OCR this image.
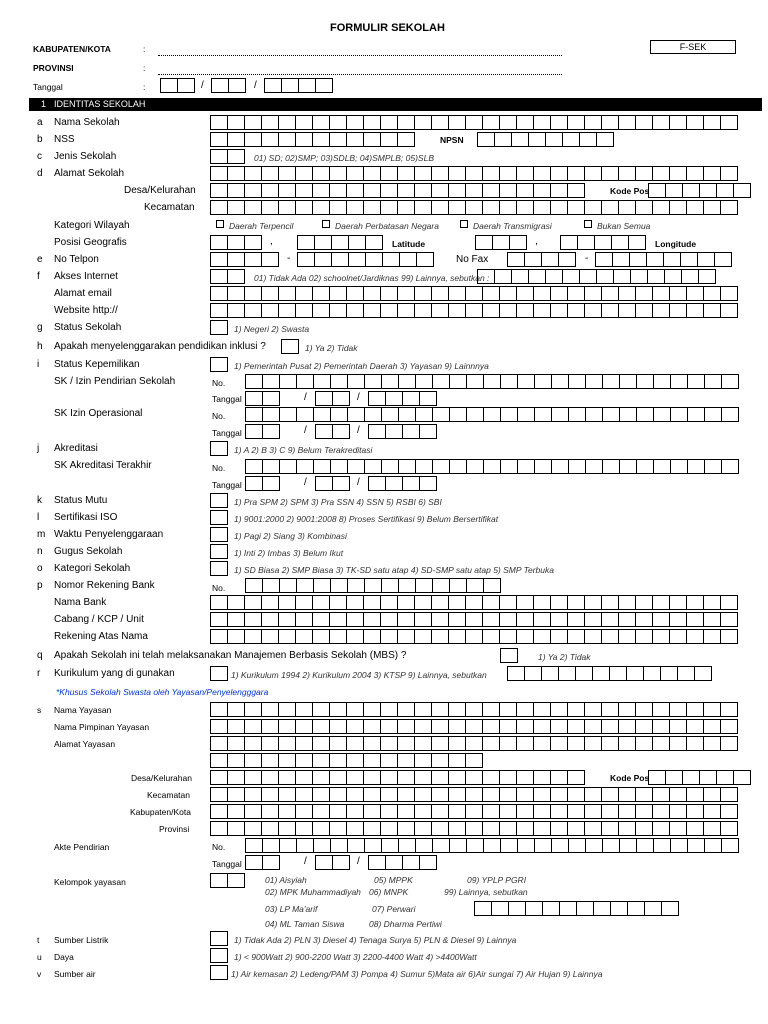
FORMULIR SEKOLAH
F-SEK
KABUPATEN/KOTA	:
PROVINSI	:
Tanggal	:	/	/
1 IDENTITAS SEKOLAH
a Nama Sekolah
b NSS	NPSN
c Jenis Sekolah	01) SD; 02)SMP; 03)SDLB; 04)SMPLB; 05)SLB
d Alamat Sekolah
Desa/Kelurahan	Kode Pos
Kecamatan
Kategori Wilayah	Daerah Terpencil	Daerah Perbatasan Negara	Daerah Transmigrasi	Bukan Semua
Posisi Geografis	,	Latitude	,	Longitude
e No Telpon	-	No Fax	-
f Akses Internet	01) Tidak Ada 02) schoolnet/Jardiknas 99) Lainnya, sebutkan :
Alamat email
Website http://
g Status Sekolah	1) Negeri 2) Swasta
h Apakah menyelenggarakan pendidikan inklusi ?	1) Ya 2) Tidak
i Status Kepemilikan	1) Pemerintah Pusat 2) Pemerintah Daerah 3) Yayasan 9) Lainnnya
SK / Izin Pendirian Sekolah	No.
Tanggal	/	/
SK Izin Operasional	No.
Tanggal	/	/
j Akreditasi	1) A 2) B 3) C 9) Belum Terakreditasi
SK Akreditasi Terakhir	No.
Tanggal	/	/
k Status Mutu	1) Pra SPM 2) SPM 3) Pra SSN 4) SSN 5) RSBI 6) SBI
l Sertifikasi ISO	1) 9001:2000 2) 9001:2008 8) Proses Sertifikasi 9) Belum Bersertifikat
m Waktu Penyelenggaraan	1) Pagi 2) Siang 3) Kombinasi
n Gugus Sekolah	1) Inti 2) Imbas 3) Belum Ikut
o Kategori Sekolah	1) SD Biasa 2) SMP Biasa 3) TK-SD satu atap 4) SD-SMP satu atap 5) SMP Terbuka
p Nomor Rekening Bank	No.
Nama Bank
Cabang / KCP / Unit
Rekening Atas Nama
q Apakah Sekolah ini telah melaksanakan Manajemen Berbasis Sekolah (MBS) ?	1) Ya 2) Tidak
r Kurikulum yang di gunakan	1) Kurikulum 1994 2) Kurikulum 2004 3) KTSP 9) Lainnya, sebutkan
*Khusus Sekolah Swasta oleh Yayasan/Penyelengggara
s Nama Yayasan
Nama Pimpinan Yayasan
Alamat Yayasan
Desa/Kelurahan	Kode Pos
Kecamatan
Kabupaten/Kota
Provinsi
Akte Pendirian	No.
Tanggal	/	/
Kelompok yayasan	01) Aisyiah	05) MPPK	09) YPLP PGRI
02) MPK Muhammadiyah 06) MNPK	99) Lainnya, sebutkan
03) LP Ma'arif	07) Perwari
04) ML Taman Siswa	08) Dharma Pertiwi
t Sumber Listrik	1) Tidak Ada 2) PLN 3) Diesel 4) Tenaga Surya 5) PLN & Diesel 9) Lainnya
u Daya	1) < 900Watt 2) 900-2200 Watt 3) 2200-4400 Watt 4) >4400Watt
v Sumber air	1) Air kemasan 2) Ledeng/PAM 3) Pompa 4) Sumur 5)Mata air 6)Air sungai 7) Air Hujan 9) Lainnya
